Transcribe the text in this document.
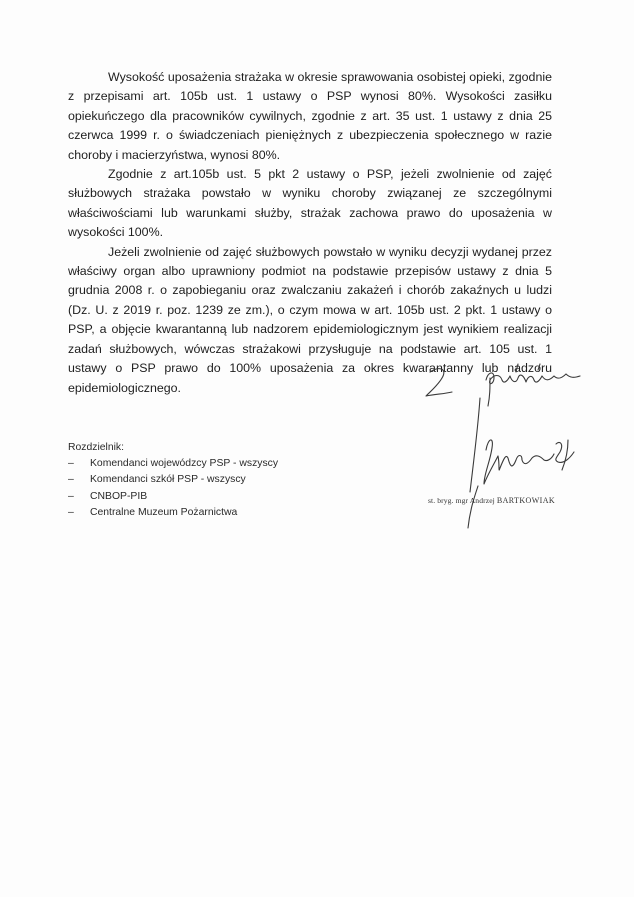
Wysokość uposażenia strażaka w okresie sprawowania osobistej opieki, zgodnie z przepisami art. 105b ust. 1 ustawy o PSP wynosi 80%. Wysokości zasiłku opiekuńczego dla pracowników cywilnych, zgodnie z art. 35 ust. 1 ustawy z dnia 25 czerwca 1999 r. o świadczeniach pieniężnych z ubezpieczenia społecznego w razie choroby i macierzyństwa, wynosi 80%.

Zgodnie z art.105b ust. 5 pkt 2 ustawy o PSP, jeżeli zwolnienie od zajęć służbowych strażaka powstało w wyniku choroby związanej ze szczególnymi właściwościami lub warunkami służby, strażak zachowa prawo do uposażenia w wysokości 100%.

Jeżeli zwolnienie od zajęć służbowych powstało w wyniku decyzji wydanej przez właściwy organ albo uprawniony podmiot na podstawie przepisów ustawy z dnia 5 grudnia 2008 r. o zapobieganiu oraz zwalczaniu zakażeń i chorób zakaźnych u ludzi (Dz. U. z 2019 r. poz. 1239 ze zm.), o czym mowa w art. 105b ust. 2 pkt. 1 ustawy o PSP, a objęcie kwarantanną lub nadzorem epidemiologicznym jest wynikiem realizacji zadań służbowych, wówczas strażakowi przysługuje na podstawie art. 105 ust. 1 ustawy o PSP prawo do 100% uposażenia za okres kwarantanny lub nadzoru epidemiologicznego.

st. bryg. mgr Andrzej BARTKOWIAK

Rozdzielnik:

– Komendanci wojewódzcy PSP - wszyscy
– Komendanci szkół PSP - wszyscy
– CNBOP-PIB
– Centralne Muzeum Pożarnictwa
